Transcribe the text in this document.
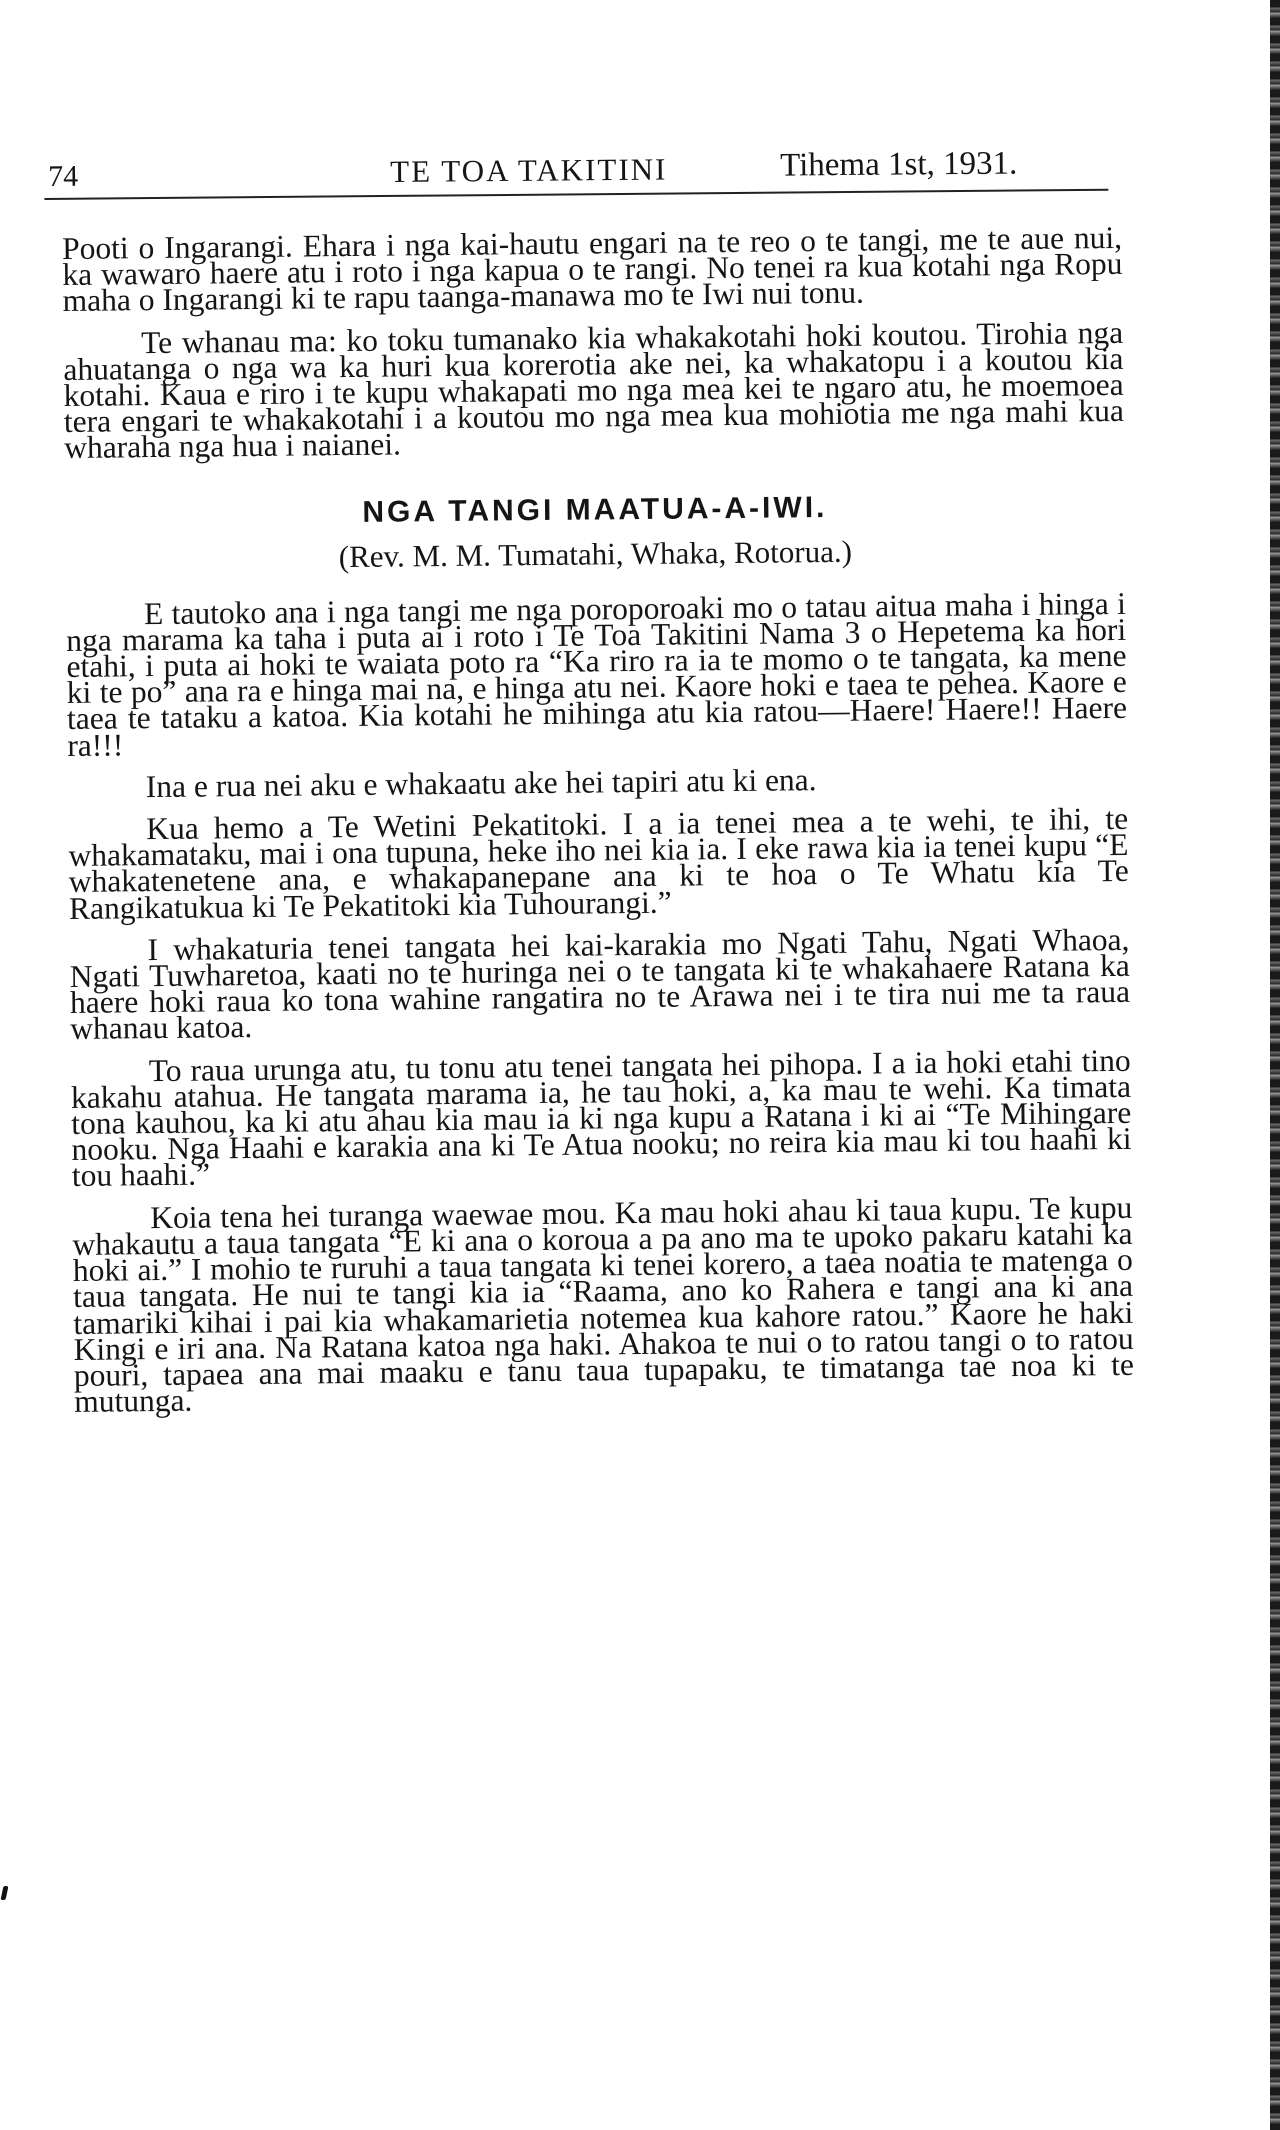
74	TE TOA TAKITINI	Tihema 1st, 1931.

Pooti o Ingarangi. Ehara i nga kai-hautu engari na te reo o te tangi, me te aue nui, ka wawaro haere atu i roto i nga kapua o te rangi. No tenei ra kua kotahi nga Ropu maha o Ingarangi ki te rapu taanga-manawa mo te Iwi nui tonu.

Te whanau ma: ko toku tumanako kia whakakotahi hoki koutou. Tirohia nga ahuatanga o nga wa ka huri kua korerotia ake nei, ka whakatopu i a koutou kia kotahi. Kaua e riro i te kupu whakapati mo nga mea kei te ngaro atu, he moemoea tera engari te whakakotahi i a koutou mo nga mea kua mohiotia me nga mahi kua wharaha nga hua i naianei.

NGA TANGI MAATUA-A-IWI.
(Rev. M. M. Tumatahi, Whaka, Rotorua.)

E tautoko ana i nga tangi me nga poroporoaki mo o tatau aitua maha i hinga i nga marama ka taha i puta ai i roto i Te Toa Takitini Nama 3 o Hepetema ka hori etahi, i puta ai hoki te waiata poto ra “Ka riro ra ia te momo o te tangata, ka mene ki te po” ana ra e hinga mai na, e hinga atu nei. Kaore hoki e taea te pehea. Kaore e taea te tataku a katoa. Kia kotahi he mihinga atu kia ratou—Haere! Haere!! Haere ra!!!

Ina e rua nei aku e whakaatu ake hei tapiri atu ki ena.

Kua hemo a Te Wetini Pekatitoki. I a ia tenei mea a te wehi, te ihi, te whakamataku, mai i ona tupuna, heke iho nei kia ia. I eke rawa kia ia tenei kupu “E whakatenetene ana, e whakapanepane ana ki te hoa o Te Whatu kia Te Rangikatukua ki Te Pekatitoki kia Tuhourangi.”

I whakaturia tenei tangata hei kai-karakia mo Ngati Tahu, Ngati Whaoa, Ngati Tuwharetoa, kaati no te huringa nei o te tangata ki te whakahaere Ratana ka haere hoki raua ko tona wahine rangatira no te Arawa nei i te tira nui me ta raua whanau katoa.

To raua urunga atu, tu tonu atu tenei tangata hei pihopa. I a ia hoki etahi tino kakahu atahua. He tangata marama ia, he tau hoki, a, ka mau te wehi. Ka timata tona kauhou, ka ki atu ahau kia mau ia ki nga kupu a Ratana i ki ai “Te Mihingare nooku. Nga Haahi e karakia ana ki Te Atua nooku; no reira kia mau ki tou haahi ki tou haahi.”

Koia tena hei turanga waewae mou. Ka mau hoki ahau ki taua kupu. Te kupu whakautu a taua tangata “E ki ana o koroua a pa ano ma te upoko pakaru katahi ka hoki ai.” I mohio te ruruhi a taua tangata ki tenei korero, a taea noatia te matenga o taua tangata. He nui te tangi kia ia “Raama, ano ko Rahera e tangi ana ki ana tamariki kihai i pai kia whakamarietia notemea kua kahore ratou.” Kaore he haki Kingi e iri ana. Na Ratana katoa nga haki. Ahakoa te nui o to ratou tangi o to ratou pouri, tapaea ana mai maaku e tanu taua tupapaku, te timatanga tae noa ki te mutunga.
